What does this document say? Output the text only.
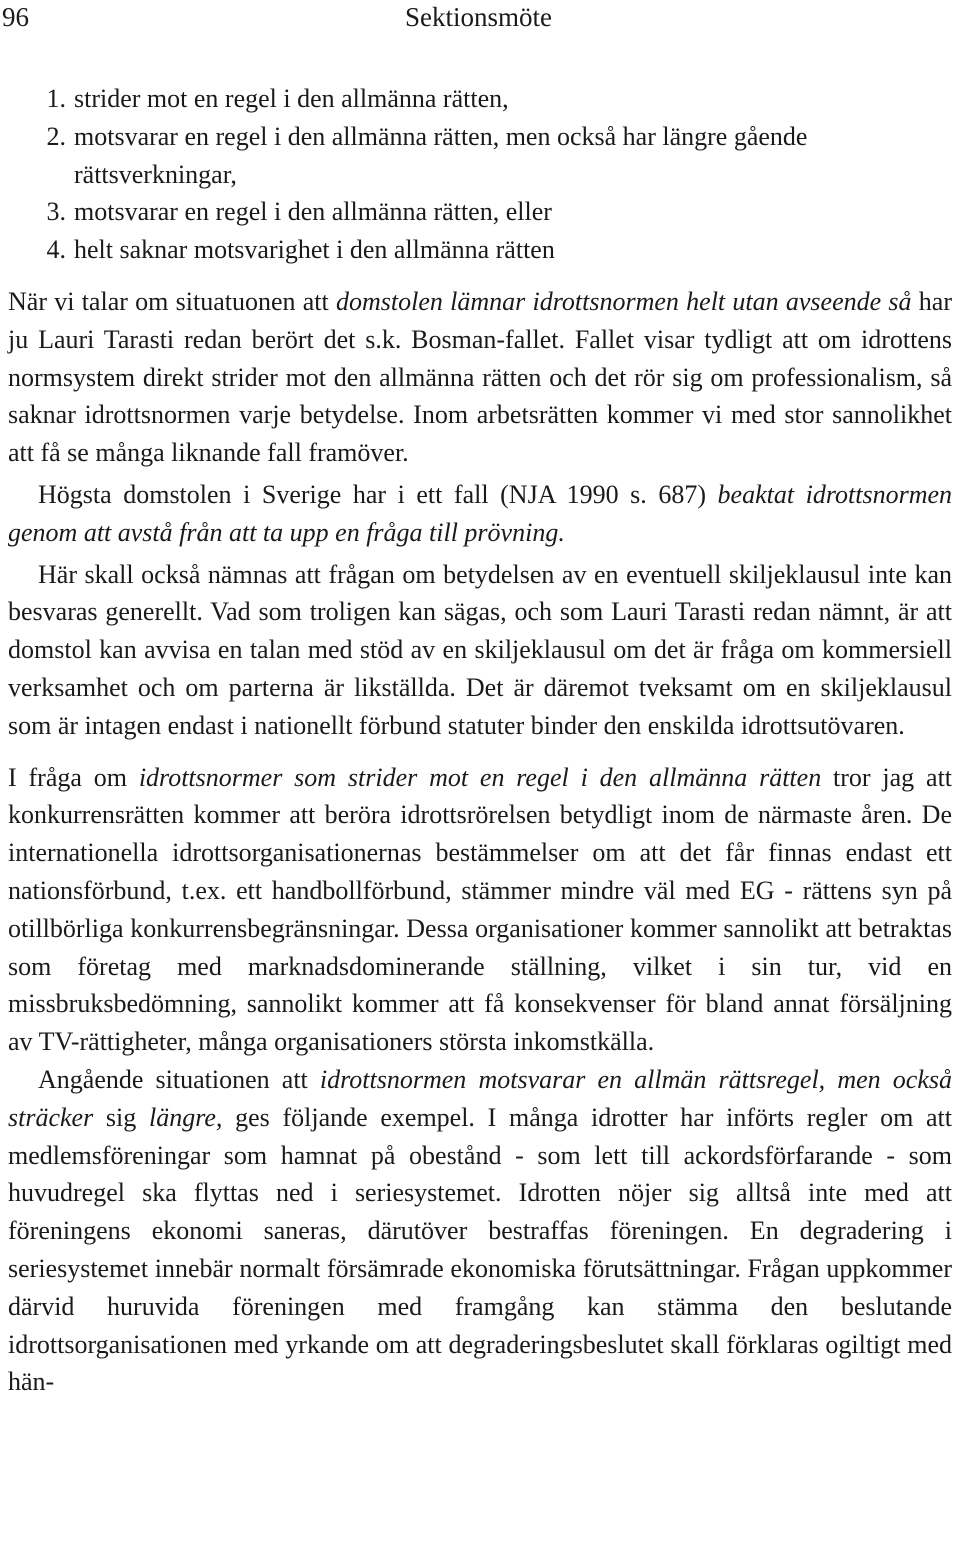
96	Sektionsmöte
1. strider mot en regel i den allmänna rätten,
2. motsvarar en regel i den allmänna rätten, men också har längre gående rättsverkningar,
3. motsvarar en regel i den allmänna rätten, eller
4. helt saknar motsvarighet i den allmänna rätten

När vi talar om situatuonen att domstolen lämnar idrottsnormen helt utan avseende så har ju Lauri Tarasti redan berört det s.k. Bosman-fallet. Fallet visar tydligt att om idrottens normsystem direkt strider mot den allmänna rätten och det rör sig om professionalism, så saknar idrottsnormen varje betydelse. Inom arbetsrätten kommer vi med stor sannolikhet att få se många liknande fall framöver.

Högsta domstolen i Sverige har i ett fall (NJA 1990 s. 687) beaktat idrottsnormen genom att avstå från att ta upp en fråga till prövning.

Här skall också nämnas att frågan om betydelsen av en eventuell skiljeklausul inte kan besvaras generellt. Vad som troligen kan sägas, och som Lauri Tarasti redan nämnt, är att domstol kan avvisa en talan med stöd av en skiljeklausul om det är fråga om kommersiell verksamhet och om parterna är likställda. Det är däremot tveksamt om en skiljeklausul som är intagen endast i nationellt förbund statuter binder den enskilda idrottsutövaren.

I fråga om idrottsnormer som strider mot en regel i den allmänna rätten tror jag att konkurrensrätten kommer att beröra idrottsrörelsen betydligt inom de närmaste åren. De internationella idrottsorganisationernas bestämmelser om att det får finnas endast ett nationsförbund, t.ex. ett handbollförbund, stämmer mindre väl med EG - rättens syn på otillbörliga konkurrensbegränsningar. Dessa organisationer kommer sannolikt att betraktas som företag med marknadsdominerande ställning, vilket i sin tur, vid en missbruksbedömning, sannolikt kommer att få konsekvenser för bland annat försäljning av TV-rättigheter, många organisationers största inkomstkälla.

Angående situationen att idrottsnormen motsvarar en allmän rättsregel, men också sträcker sig längre, ges följande exempel. I många idrotter har införts regler om att medlemsföreningar som hamnat på obestånd - som lett till ackordsförfarande - som huvudregel ska flyttas ned i seriesystemet. Idrotten nöjer sig alltså inte med att föreningens ekonomi saneras, därutöver bestraffas föreningen. En degradering i seriesystemet innebär normalt försämrade ekonomiska förutsättningar. Frågan uppkommer därvid huruvida föreningen med framgång kan stämma den beslutande idrottsorganisationen med yrkande om att degraderingsbeslutet skall förklaras ogiltigt med hän-
